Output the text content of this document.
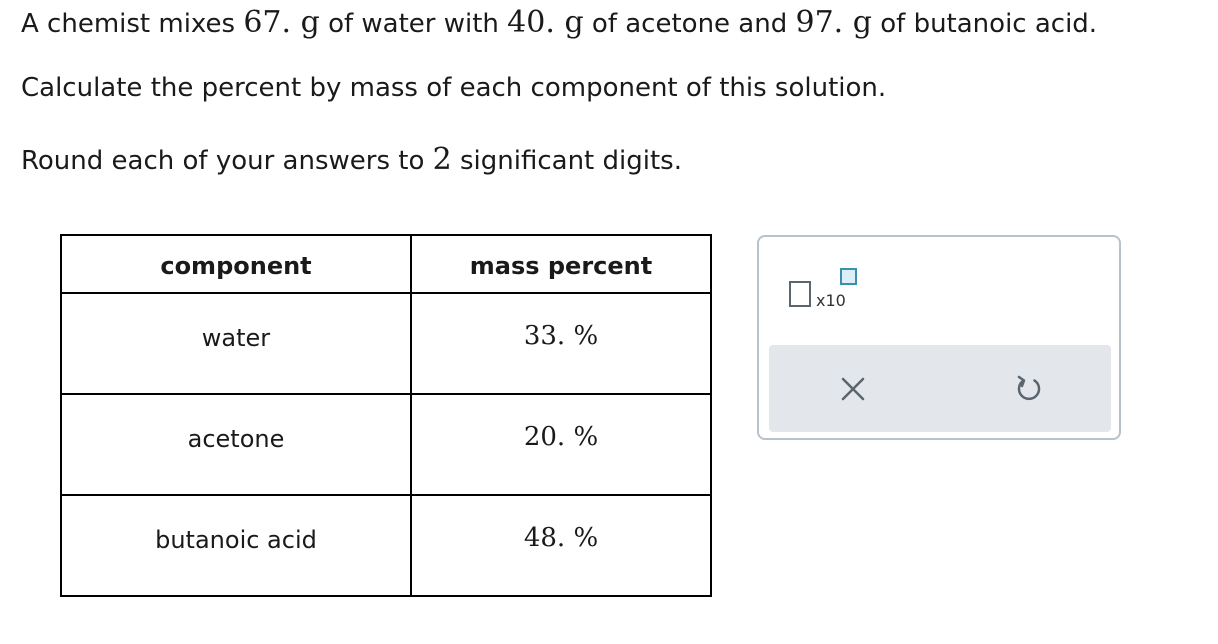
A chemist mixes 67. g of water with 40. g of acetone and 97. g of butanoic acid.
Calculate the percent by mass of each component of this solution.
Round each of your answers to 2 significant digits.
component	mass percent
water	33. %
acetone	20. %
butanoic acid	48. %
x10
